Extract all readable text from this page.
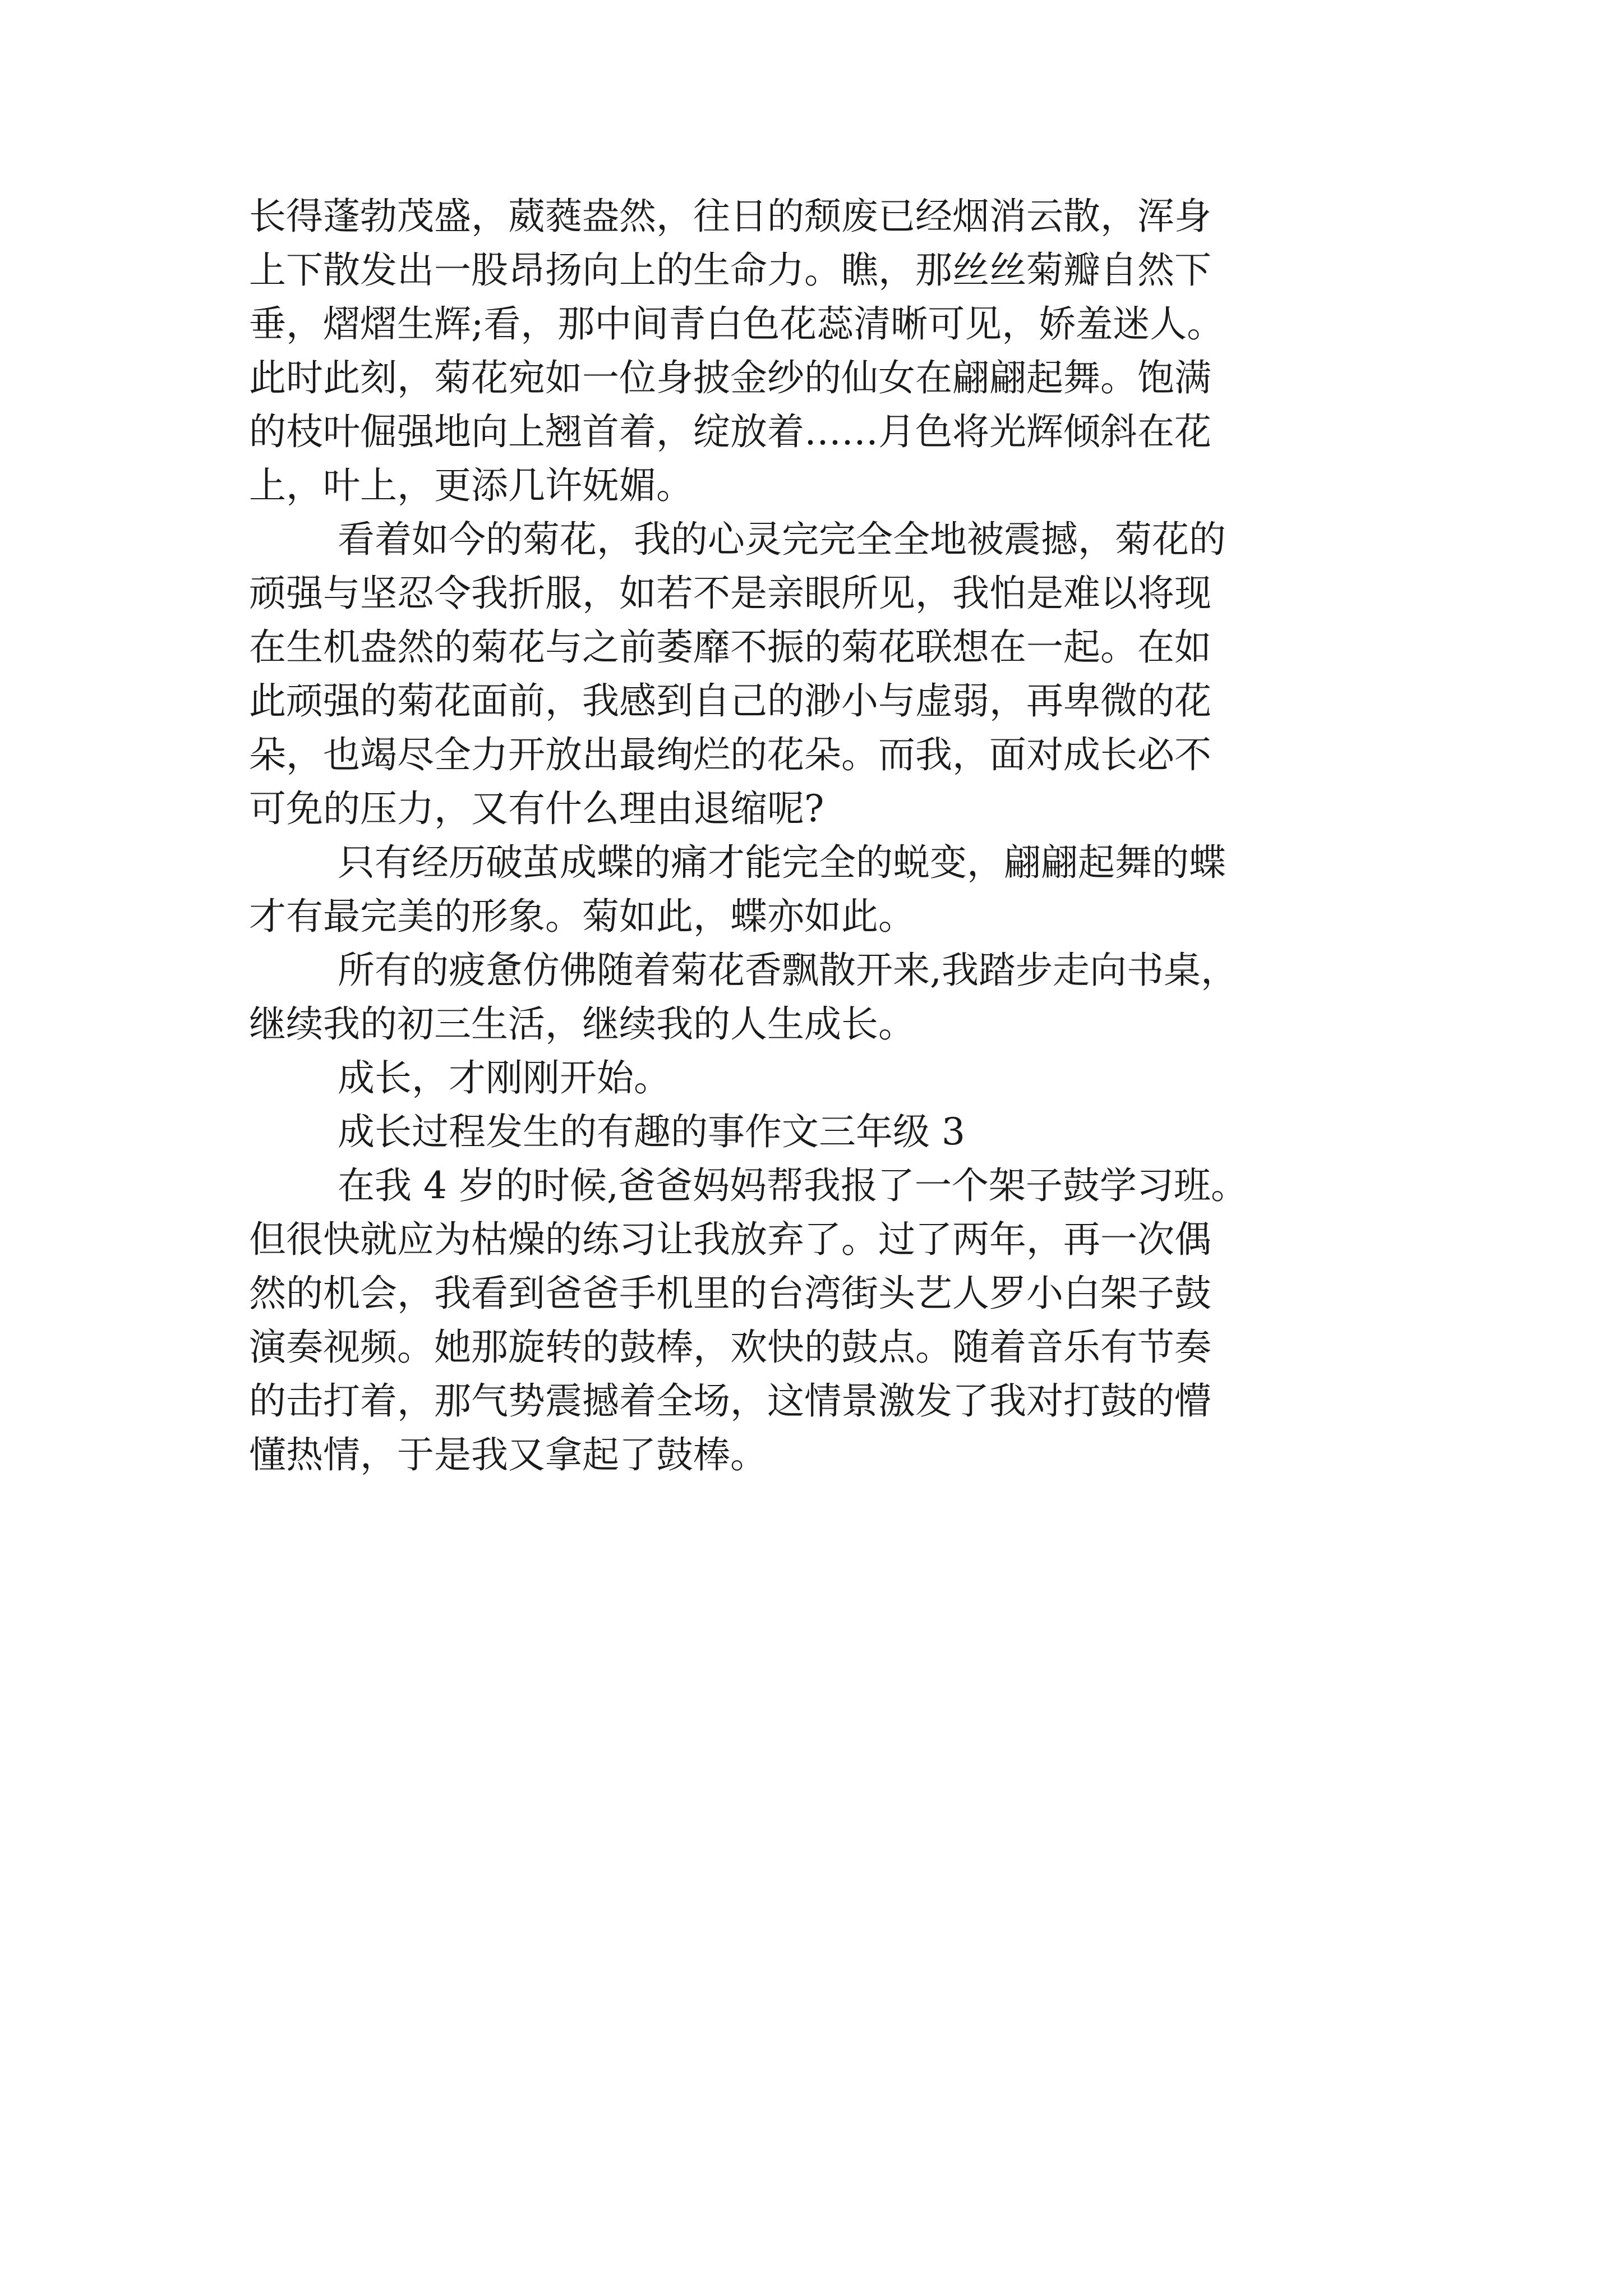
长得蓬勃茂盛，葳蕤盎然，往日的颓废已经烟消云散，浑身
上下散发出一股昂扬向上的生命力。瞧，那丝丝菊瓣自然下
垂，熠熠生辉;看，那中间青白色花蕊清晰可见，娇羞迷人。
此时此刻，菊花宛如一位身披金纱的仙女在翩翩起舞。饱满
的枝叶倔强地向上翘首着，绽放着……月色将光辉倾斜在花
上，叶上，更添几许妩媚。
看着如今的菊花，我的心灵完完全全地被震撼，菊花的
顽强与坚忍令我折服，如若不是亲眼所见，我怕是难以将现
在生机盎然的菊花与之前萎靡不振的菊花联想在一起。在如
此顽强的菊花面前，我感到自己的渺小与虚弱，再卑微的花
朵，也竭尽全力开放出最绚烂的花朵。而我，面对成长必不
可免的压力，又有什么理由退缩呢?
只有经历破茧成蝶的痛才能完全的蜕变，翩翩起舞的蝶
才有最完美的形象。菊如此，蝶亦如此。
所有的疲惫仿佛随着菊花香飘散开来,我踏步走向书桌，
继续我的初三生活，继续我的人生成长。
成长，才刚刚开始。
成长过程发生的有趣的事作文三年级 3
在我 4 岁的时候,爸爸妈妈帮我报了一个架子鼓学习班。
但很快就应为枯燥的练习让我放弃了。过了两年，再一次偶
然的机会，我看到爸爸手机里的台湾街头艺人罗小白架子鼓
演奏视频。她那旋转的鼓棒，欢快的鼓点。随着音乐有节奏
的击打着，那气势震撼着全场，这情景激发了我对打鼓的懵
懂热情，于是我又拿起了鼓棒。
